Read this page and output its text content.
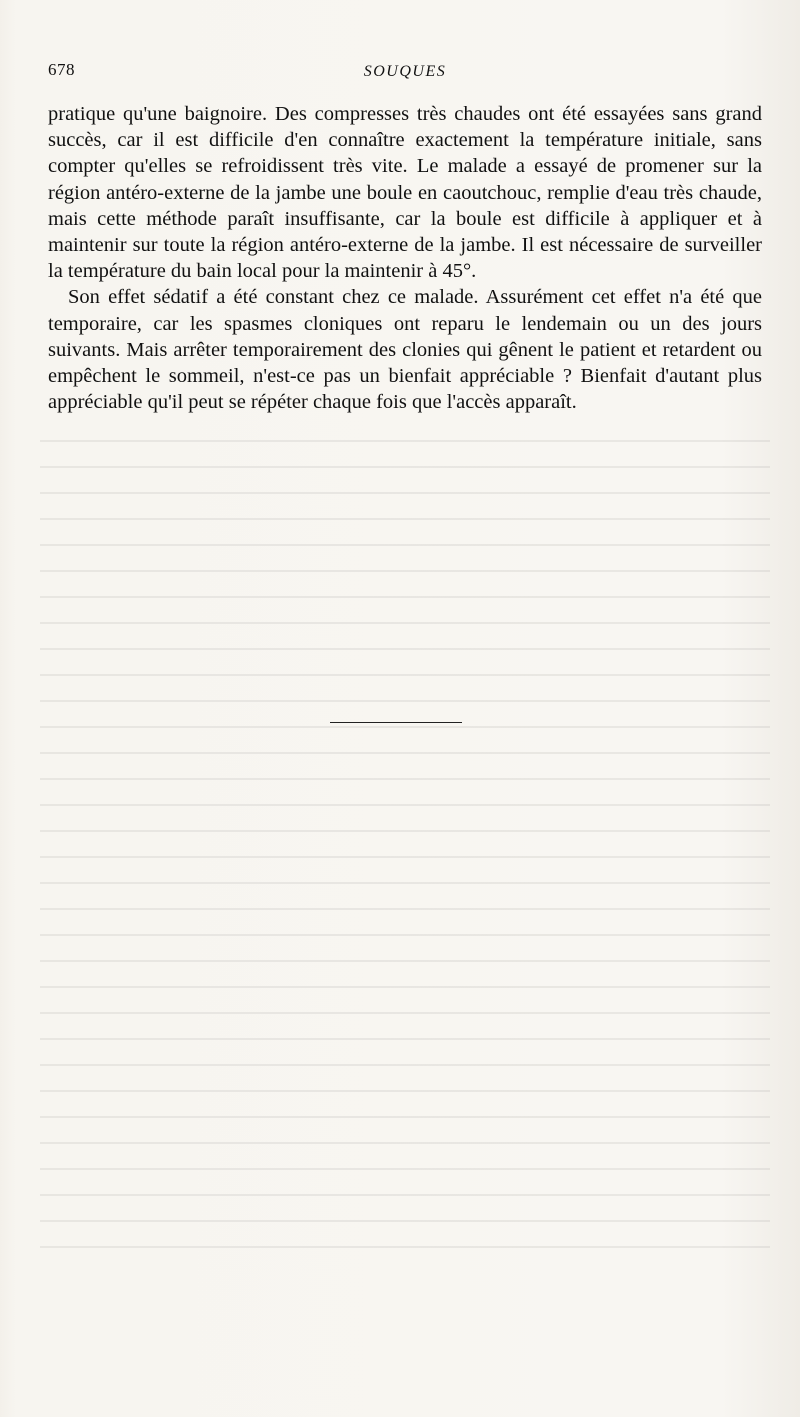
678	SOUQUES

pratique qu'une baignoire. Des compresses très chaudes ont été essayées sans grand succès, car il est difficile d'en connaître exactement la température initiale, sans compter qu'elles se refroidissent très vite. Le malade a essayé de promener sur la région antéro-externe de la jambe une boule en caoutchouc, remplie d'eau très chaude, mais cette méthode paraît insuffisante, car la boule est difficile à appliquer et à maintenir sur toute la région antéro-externe de la jambe. Il est nécessaire de surveiller la température du bain local pour la maintenir à 45°.

Son effet sédatif a été constant chez ce malade. Assurément cet effet n'a été que temporaire, car les spasmes cloniques ont reparu le lendemain ou un des jours suivants. Mais arrêter temporairement des clonies qui gênent le patient et retardent ou empêchent le sommeil, n'est-ce pas un bienfait appréciable ? Bienfait d'autant plus appréciable qu'il peut se répéter chaque fois que l'accès apparaît.
